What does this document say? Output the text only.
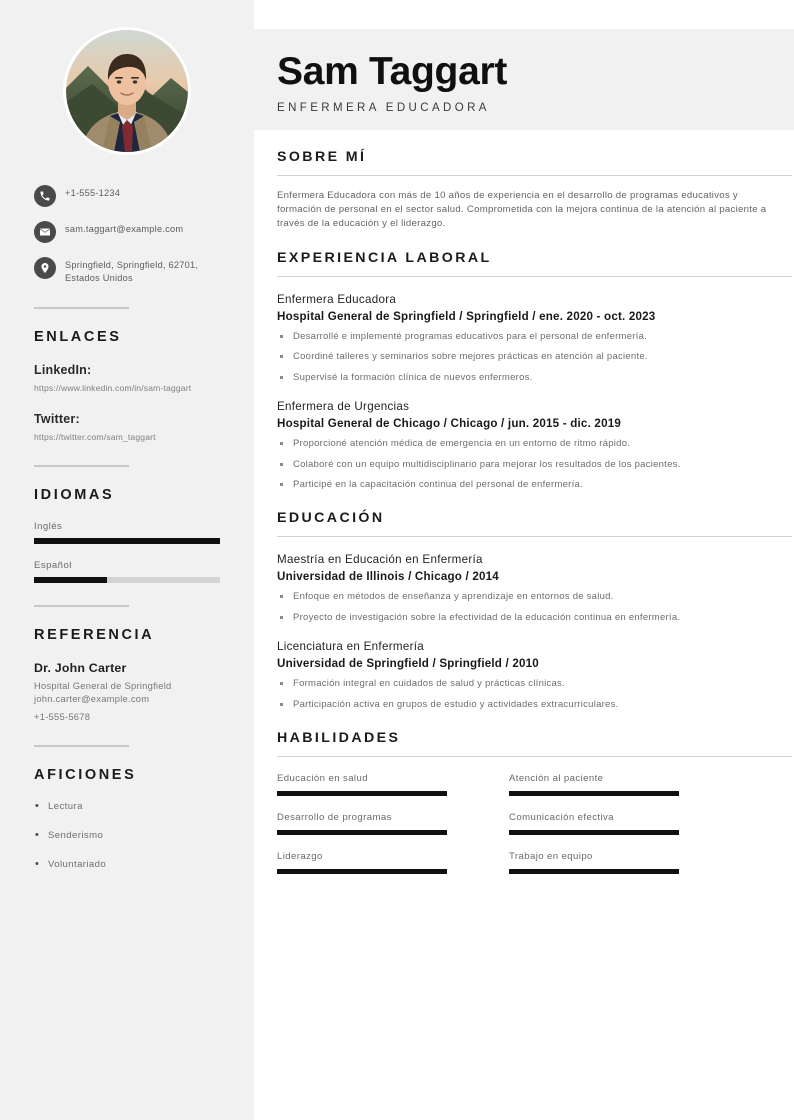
+1-555-1234
sam.taggart@example.com
Springfield, Springfield, 62701, Estados Unidos
ENLACES
LinkedIn:
https://www.linkedin.com/in/sam-taggart
Twitter:
https://twitter.com/sam_taggart
IDIOMAS
Inglés
Español
REFERENCIA
Dr. John Carter
Hospital General de Springfield
john.carter@example.com
+1-555-5678
AFICIONES
• Lectura
• Senderismo
• Voluntariado
Sam Taggart
ENFERMERA EDUCADORA
SOBRE MÍ

Enfermera Educadora con más de 10 años de experiencia en el desarrollo de programas educativos y formación de personal en el sector salud. Comprometida con la mejora continua de la atención al paciente a través de la educación y el liderazgo.

EXPERIENCIA LABORAL
Enfermera Educadora
Hospital General de Springfield / Springfield / ene. 2020 - oct. 2023
Desarrollé e implementé programas educativos para el personal de enfermería.
Coordiné talleres y seminarios sobre mejores prácticas en atención al paciente.
Supervisé la formación clínica de nuevos enfermeros.
Enfermera de Urgencias
Hospital General de Chicago / Chicago / jun. 2015 - dic. 2019
Proporcioné atención médica de emergencia en un entorno de ritmo rápido.
Colaboré con un equipo multidisciplinario para mejorar los resultados de los pacientes.
Participé en la capacitación continua del personal de enfermería.
EDUCACIÓN
Maestría en Educación en Enfermería
Universidad de Illinois / Chicago / 2014
Enfoque en métodos de enseñanza y aprendizaje en entornos de salud.
Proyecto de investigación sobre la efectividad de la educación continua en enfermería.
Licenciatura en Enfermería
Universidad de Springfield / Springfield / 2010
Formación integral en cuidados de salud y prácticas clínicas.
Participación activa en grupos de estudio y actividades extracurriculares.
HABILIDADES
Educación en salud	Atención al paciente
Desarrollo de programas	Comunicación efectiva
Liderazgo	Trabajo en equipo
